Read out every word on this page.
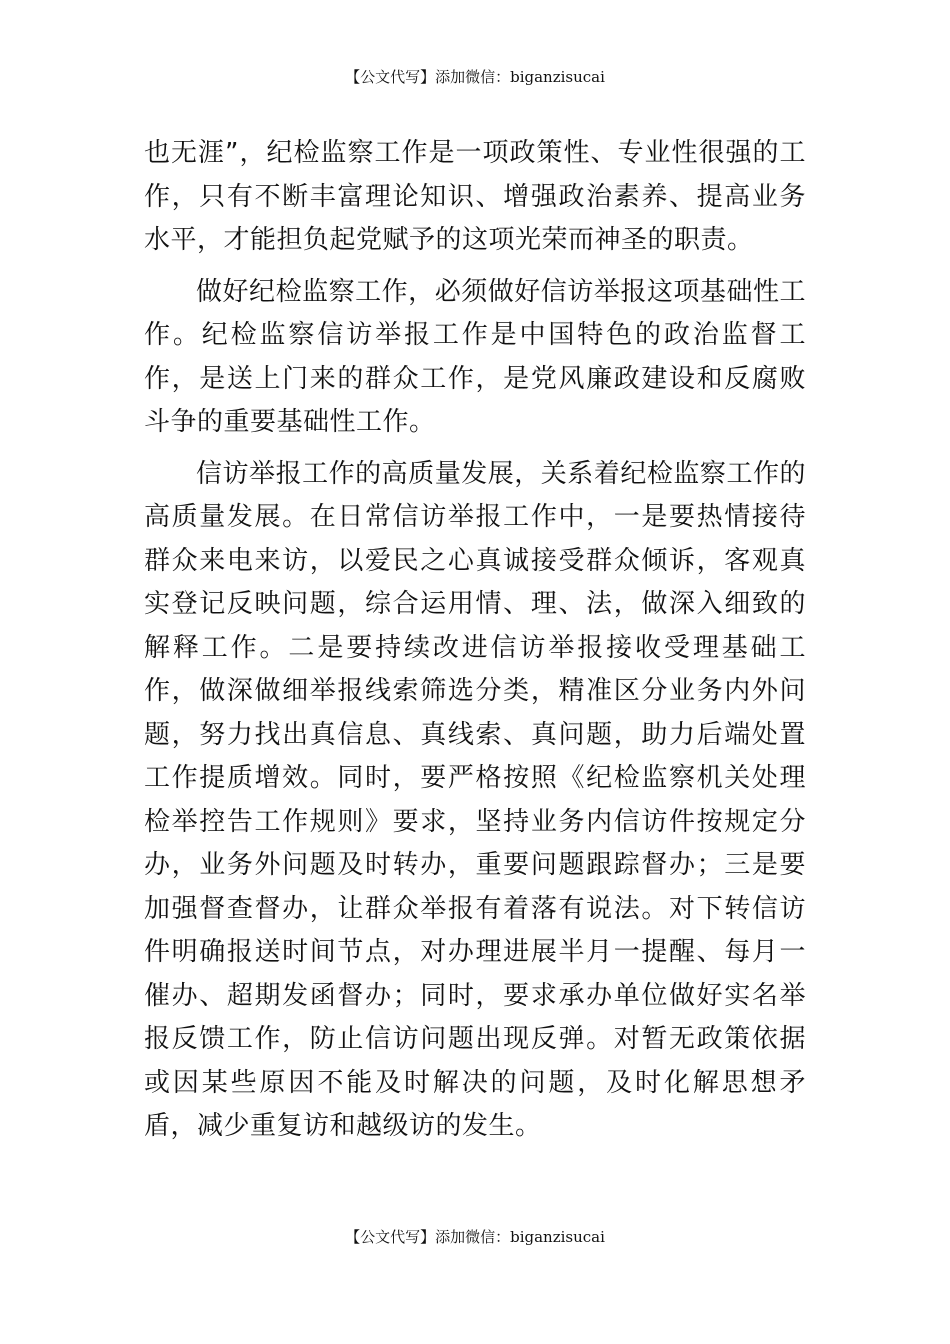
【公文代写】添加微信：biganzisucai

也无涯”，纪检监察工作是一项政策性、专业性很强的工作，只有不断丰富理论知识、增强政治素养、提高业务水平，才能担负起党赋予的这项光荣而神圣的职责。

做好纪检监察工作，必须做好信访举报这项基础性工作。纪检监察信访举报工作是中国特色的政治监督工作，是送上门来的群众工作，是党风廉政建设和反腐败斗争的重要基础性工作。

信访举报工作的高质量发展，关系着纪检监察工作的高质量发展。在日常信访举报工作中，一是要热情接待群众来电来访，以爱民之心真诚接受群众倾诉，客观真实登记反映问题，综合运用情、理、法，做深入细致的解释工作。二是要持续改进信访举报接收受理基础工作，做深做细举报线索筛选分类，精准区分业务内外问题，努力找出真信息、真线索、真问题，助力后端处置工作提质增效。同时，要严格按照《纪检监察机关处理检举控告工作规则》要求，坚持业务内信访件按规定分办，业务外问题及时转办，重要问题跟踪督办；三是要加强督查督办，让群众举报有着落有说法。对下转信访件明确报送时间节点，对办理进展半月一提醒、每月一催办、超期发函督办；同时，要求承办单位做好实名举报反馈工作，防止信访问题出现反弹。对暂无政策依据或因某些原因不能及时解决的问题，及时化解思想矛盾，减少重复访和越级访的发生。

【公文代写】添加微信：biganzisucai
